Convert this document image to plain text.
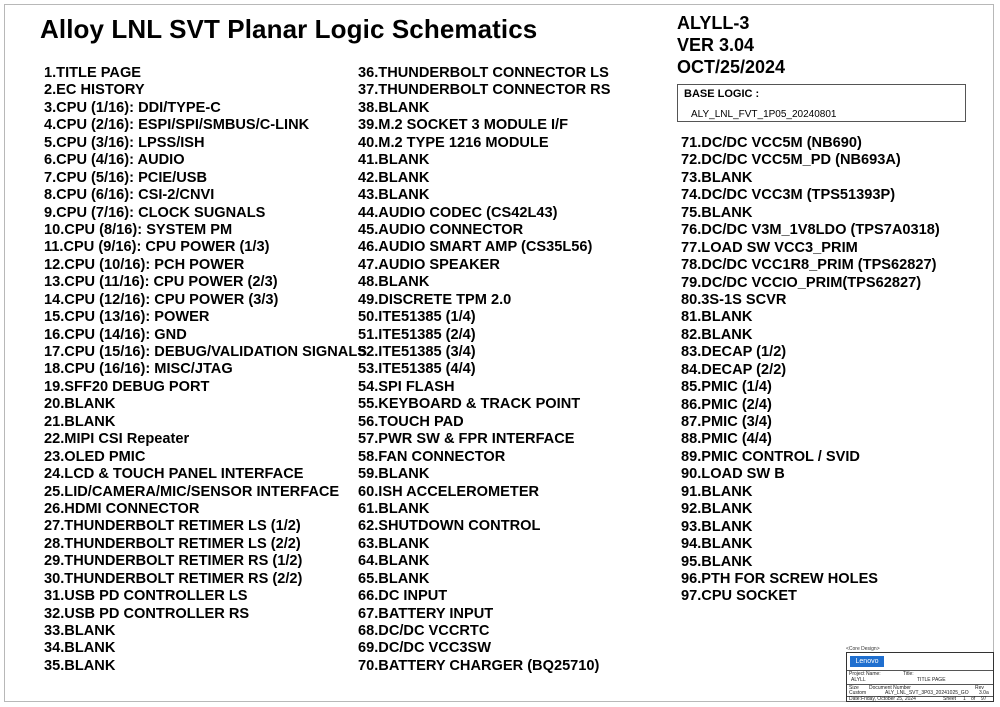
Alloy LNL SVT Planar Logic Schematics	ALYLL-3
VER 3.04
OCT/25/2024
BASE LOGIC :
ALY_LNL_FVT_1P05_20240801
1.TITLE PAGE
2.EC HISTORY
3.CPU (1/16): DDI/TYPE-C
4.CPU (2/16): ESPI/SPI/SMBUS/C-LINK
5.CPU (3/16): LPSS/ISH
6.CPU (4/16): AUDIO
7.CPU (5/16): PCIE/USB
8.CPU (6/16): CSI-2/CNVI
9.CPU (7/16): CLOCK SUGNALS
10.CPU (8/16): SYSTEM PM
11.CPU (9/16): CPU POWER (1/3)
12.CPU (10/16): PCH POWER
13.CPU (11/16): CPU POWER (2/3)
14.CPU (12/16): CPU POWER (3/3)
15.CPU (13/16): POWER
16.CPU (14/16): GND
17.CPU (15/16): DEBUG/VALIDATION SIGNALS
18.CPU (16/16): MISC/JTAG
19.SFF20 DEBUG PORT
20.BLANK
21.BLANK
22.MIPI CSI Repeater
23.OLED PMIC
24.LCD & TOUCH PANEL INTERFACE
25.LID/CAMERA/MIC/SENSOR INTERFACE
26.HDMI CONNECTOR
27.THUNDERBOLT RETIMER LS (1/2)
28.THUNDERBOLT RETIMER LS (2/2)
29.THUNDERBOLT RETIMER RS (1/2)
30.THUNDERBOLT RETIMER RS (2/2)
31.USB PD CONTROLLER LS
32.USB PD CONTROLLER RS
33.BLANK
34.BLANK
35.BLANK
36.THUNDERBOLT CONNECTOR LS
37.THUNDERBOLT CONNECTOR RS
38.BLANK
39.M.2 SOCKET 3 MODULE I/F
40.M.2 TYPE 1216 MODULE
41.BLANK
42.BLANK
43.BLANK
44.AUDIO CODEC (CS42L43)
45.AUDIO CONNECTOR
46.AUDIO SMART AMP (CS35L56)
47.AUDIO SPEAKER
48.BLANK
49.DISCRETE TPM 2.0
50.ITE51385 (1/4)
51.ITE51385 (2/4)
52.ITE51385 (3/4)
53.ITE51385 (4/4)
54.SPI FLASH
55.KEYBOARD & TRACK POINT
56.TOUCH PAD
57.PWR SW & FPR INTERFACE
58.FAN CONNECTOR
59.BLANK
60.ISH ACCELEROMETER
61.BLANK
62.SHUTDOWN CONTROL
63.BLANK
64.BLANK
65.BLANK
66.DC INPUT
67.BATTERY INPUT
68.DC/DC VCCRTC
69.DC/DC VCC3SW
70.BATTERY CHARGER (BQ25710)
71.DC/DC VCC5M (NB690)
72.DC/DC VCC5M_PD (NB693A)
73.BLANK
74.DC/DC VCC3M (TPS51393P)
75.BLANK
76.DC/DC V3M_1V8LDO (TPS7A0318)
77.LOAD SW VCC3_PRIM
78.DC/DC VCC1R8_PRIM (TPS62827)
79.DC/DC VCCIO_PRIM(TPS62827)
80.3S-1S SCVR
81.BLANK
82.BLANK
83.DECAP (1/2)
84.DECAP (2/2)
85.PMIC (1/4)
86.PMIC (2/4)
87.PMIC (3/4)
88.PMIC (4/4)
89.PMIC CONTROL / SVID
90.LOAD SW B
91.BLANK
92.BLANK
93.BLANK
94.BLANK
95.BLANK
96.PTH FOR SCREW HOLES
97.CPU SOCKET
<Core Design>
Lenovo
Project Name:
ALYLL
Title:
TITLE PAGE
Size
Custom
Document Number
ALY_LNL_SVT_3P03_20241025_GO
Rev
3.0a
Date: Friday, October 25, 2024	Sheet 1 of 97
